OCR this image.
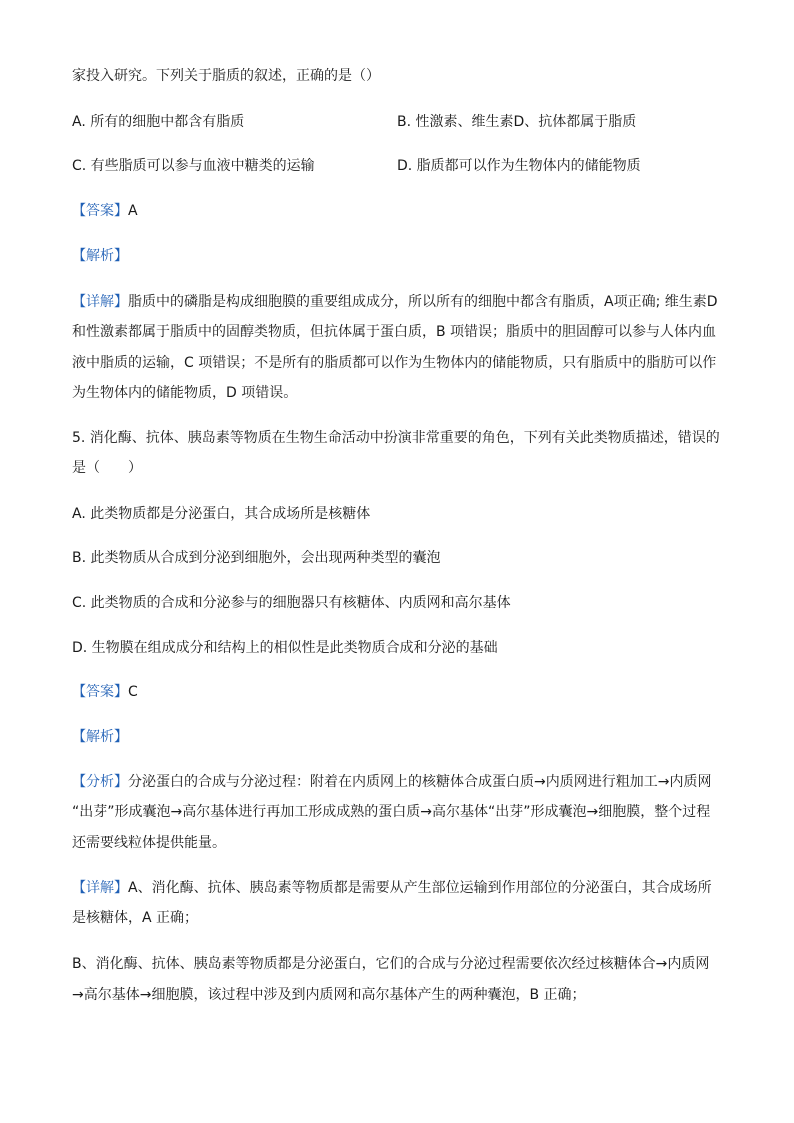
家投入研究。下列关于脂质的叙述，正确的是（）
A. 所有的细胞中都含有脂质	B. 性激素、维生素D、抗体都属于脂质
C. 有些脂质可以参与血液中糖类的运输	D. 脂质都可以作为生物体内的储能物质
【答案】A
【解析】
【详解】脂质中的磷脂是构成细胞膜的重要组成成分，所以所有的细胞中都含有脂质，A项正确; 维生素D
和性激素都属于脂质中的固醇类物质，但抗体属于蛋白质，B 项错误；脂质中的胆固醇可以参与人体内血
液中脂质的运输，C 项错误；不是所有的脂质都可以作为生物体内的储能物质，只有脂质中的脂肪可以作
为生物体内的储能物质，D 项错误。
5. 消化酶、抗体、胰岛素等物质在生物生命活动中扮演非常重要的角色，下列有关此类物质描述，错误的
是（　　）
A. 此类物质都是分泌蛋白，其合成场所是核糖体
B. 此类物质从合成到分泌到细胞外，会出现两种类型的囊泡
C. 此类物质的合成和分泌参与的细胞器只有核糖体、内质网和高尔基体
D. 生物膜在组成成分和结构上的相似性是此类物质合成和分泌的基础
【答案】C
【解析】
【分析】分泌蛋白的合成与分泌过程：附着在内质网上的核糖体合成蛋白质→内质网进行粗加工→内质网
“出芽”形成囊泡→高尔基体进行再加工形成成熟的蛋白质→高尔基体“出芽”形成囊泡→细胞膜，整个过程
还需要线粒体提供能量。
【详解】A、消化酶、抗体、胰岛素等物质都是需要从产生部位运输到作用部位的分泌蛋白，其合成场所
是核糖体，A 正确；
B、消化酶、抗体、胰岛素等物质都是分泌蛋白，它们的合成与分泌过程需要依次经过核糖体合→内质网
→高尔基体→细胞膜，该过程中涉及到内质网和高尔基体产生的两种囊泡，B 正确；
